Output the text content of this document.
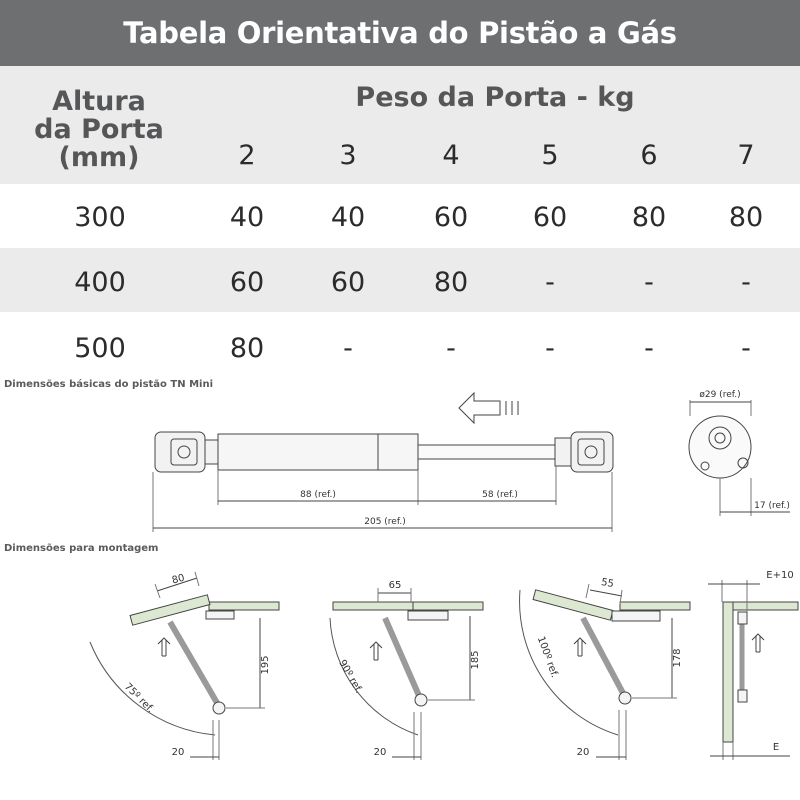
Tabela Orientativa do Pistão a Gás
Altura
da Porta
(mm)
Peso da Porta - kg
2	3	4	5	6	7
300	40	40	60	60	80	80
400	60	60	80	-	-	-
500	80	-	-	-	-	-
Dimensões básicas do pistão TN Mini
88 (ref.)	58 (ref.)
205 (ref.)
ø29 (ref.)
17 (ref.)
Dimensões para montagem
80
195
75º ref.
20
65
185
90º ref.
20
55
178
100º ref.
20
E+10
E
